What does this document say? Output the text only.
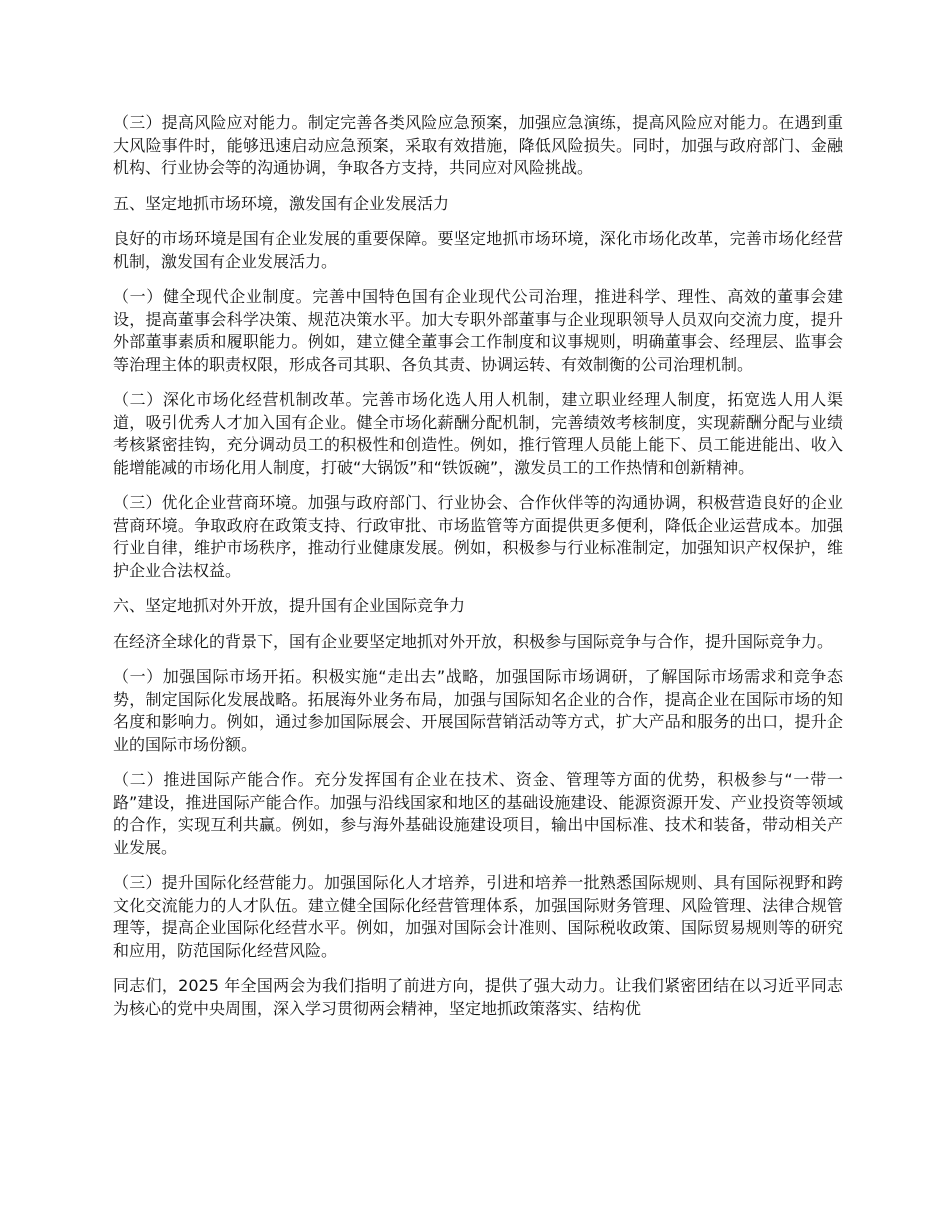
（三）提高风险应对能力。制定完善各类风险应急预案，加强应急演练，提高风险应对能力。在遇到重大风险事件时，能够迅速启动应急预案，采取有效措施，降低风险损失。同时，加强与政府部门、金融机构、行业协会等的沟通协调，争取各方支持，共同应对风险挑战。

五、坚定地抓市场环境，激发国有企业发展活力

良好的市场环境是国有企业发展的重要保障。要坚定地抓市场环境，深化市场化改革，完善市场化经营机制，激发国有企业发展活力。

（一）健全现代企业制度。完善中国特色国有企业现代公司治理，推进科学、理性、高效的董事会建设，提高董事会科学决策、规范决策水平。加大专职外部董事与企业现职领导人员双向交流力度，提升外部董事素质和履职能力。例如，建立健全董事会工作制度和议事规则，明确董事会、经理层、监事会等治理主体的职责权限，形成各司其职、各负其责、协调运转、有效制衡的公司治理机制。

（二）深化市场化经营机制改革。完善市场化选人用人机制，建立职业经理人制度，拓宽选人用人渠道，吸引优秀人才加入国有企业。健全市场化薪酬分配机制，完善绩效考核制度，实现薪酬分配与业绩考核紧密挂钩，充分调动员工的积极性和创造性。例如，推行管理人员能上能下、员工能进能出、收入能增能减的市场化用人制度，打破“大锅饭”和“铁饭碗”，激发员工的工作热情和创新精神。

（三）优化企业营商环境。加强与政府部门、行业协会、合作伙伴等的沟通协调，积极营造良好的企业营商环境。争取政府在政策支持、行政审批、市场监管等方面提供更多便利，降低企业运营成本。加强行业自律，维护市场秩序，推动行业健康发展。例如，积极参与行业标准制定，加强知识产权保护，维护企业合法权益。

六、坚定地抓对外开放，提升国有企业国际竞争力

在经济全球化的背景下，国有企业要坚定地抓对外开放，积极参与国际竞争与合作，提升国际竞争力。

（一）加强国际市场开拓。积极实施“走出去”战略，加强国际市场调研，了解国际市场需求和竞争态势，制定国际化发展战略。拓展海外业务布局，加强与国际知名企业的合作，提高企业在国际市场的知名度和影响力。例如，通过参加国际展会、开展国际营销活动等方式，扩大产品和服务的出口，提升企业的国际市场份额。

（二）推进国际产能合作。充分发挥国有企业在技术、资金、管理等方面的优势，积极参与“一带一路”建设，推进国际产能合作。加强与沿线国家和地区的基础设施建设、能源资源开发、产业投资等领域的合作，实现互利共赢。例如，参与海外基础设施建设项目，输出中国标准、技术和装备，带动相关产业发展。

（三）提升国际化经营能力。加强国际化人才培养，引进和培养一批熟悉国际规则、具有国际视野和跨文化交流能力的人才队伍。建立健全国际化经营管理体系，加强国际财务管理、风险管理、法律合规管理等，提高企业国际化经营水平。例如，加强对国际会计准则、国际税收政策、国际贸易规则等的研究和应用，防范国际化经营风险。

同志们，2025 年全国两会为我们指明了前进方向，提供了强大动力。让我们紧密团结在以习近平同志为核心的党中央周围，深入学习贯彻两会精神，坚定地抓政策落实、结构优
